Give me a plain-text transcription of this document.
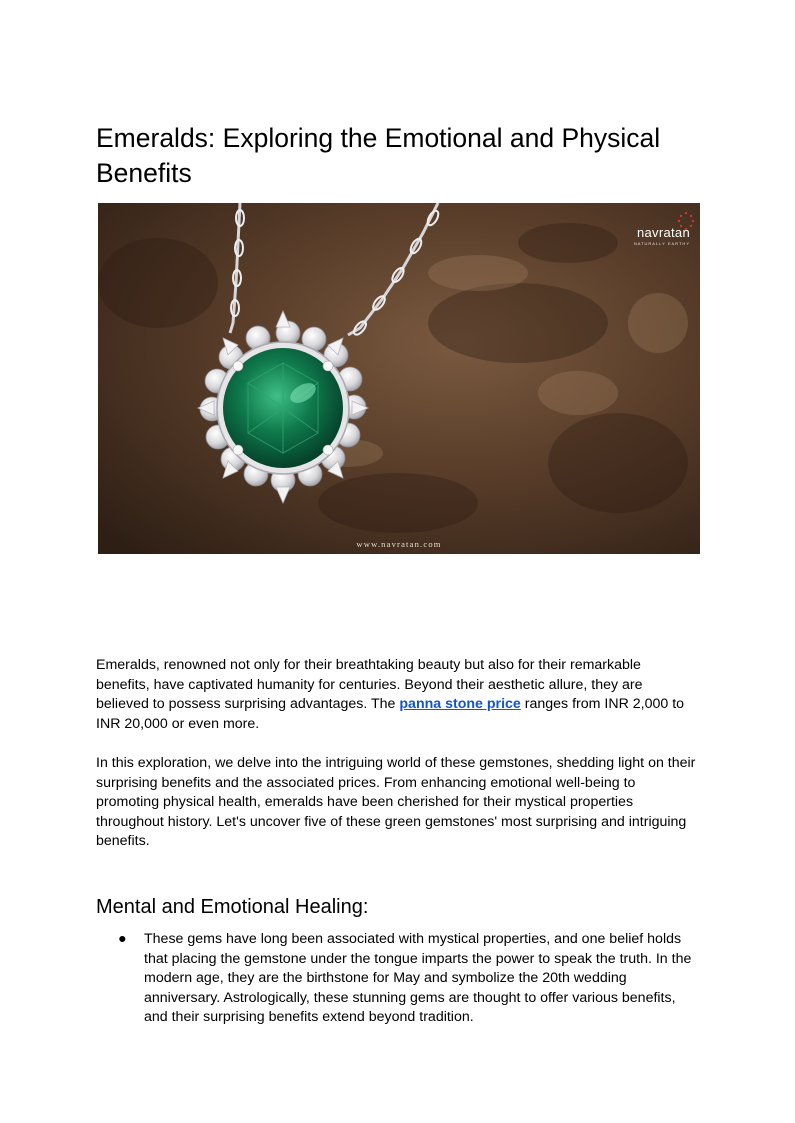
Emeralds: Exploring the Emotional and Physical Benefits
navratan
NATURALLY EARTHY
www.navratan.com

Emeralds, renowned not only for their breathtaking beauty but also for their remarkable benefits, have captivated humanity for centuries. Beyond their aesthetic allure, they are believed to possess surprising advantages. The panna stone price ranges from INR 2,000 to INR 20,000 or even more.

In this exploration, we delve into the intriguing world of these gemstones, shedding light on their surprising benefits and the associated prices. From enhancing emotional well-being to promoting physical health, emeralds have been cherished for their mystical properties throughout history. Let's uncover five of these green gemstones' most surprising and intriguing benefits.

Mental and Emotional Healing:
● These gems have long been associated with mystical properties, and one belief holds that placing the gemstone under the tongue imparts the power to speak the truth. In the modern age, they are the birthstone for May and symbolize the 20th wedding anniversary. Astrologically, these stunning gems are thought to offer various benefits, and their surprising benefits extend beyond tradition.
